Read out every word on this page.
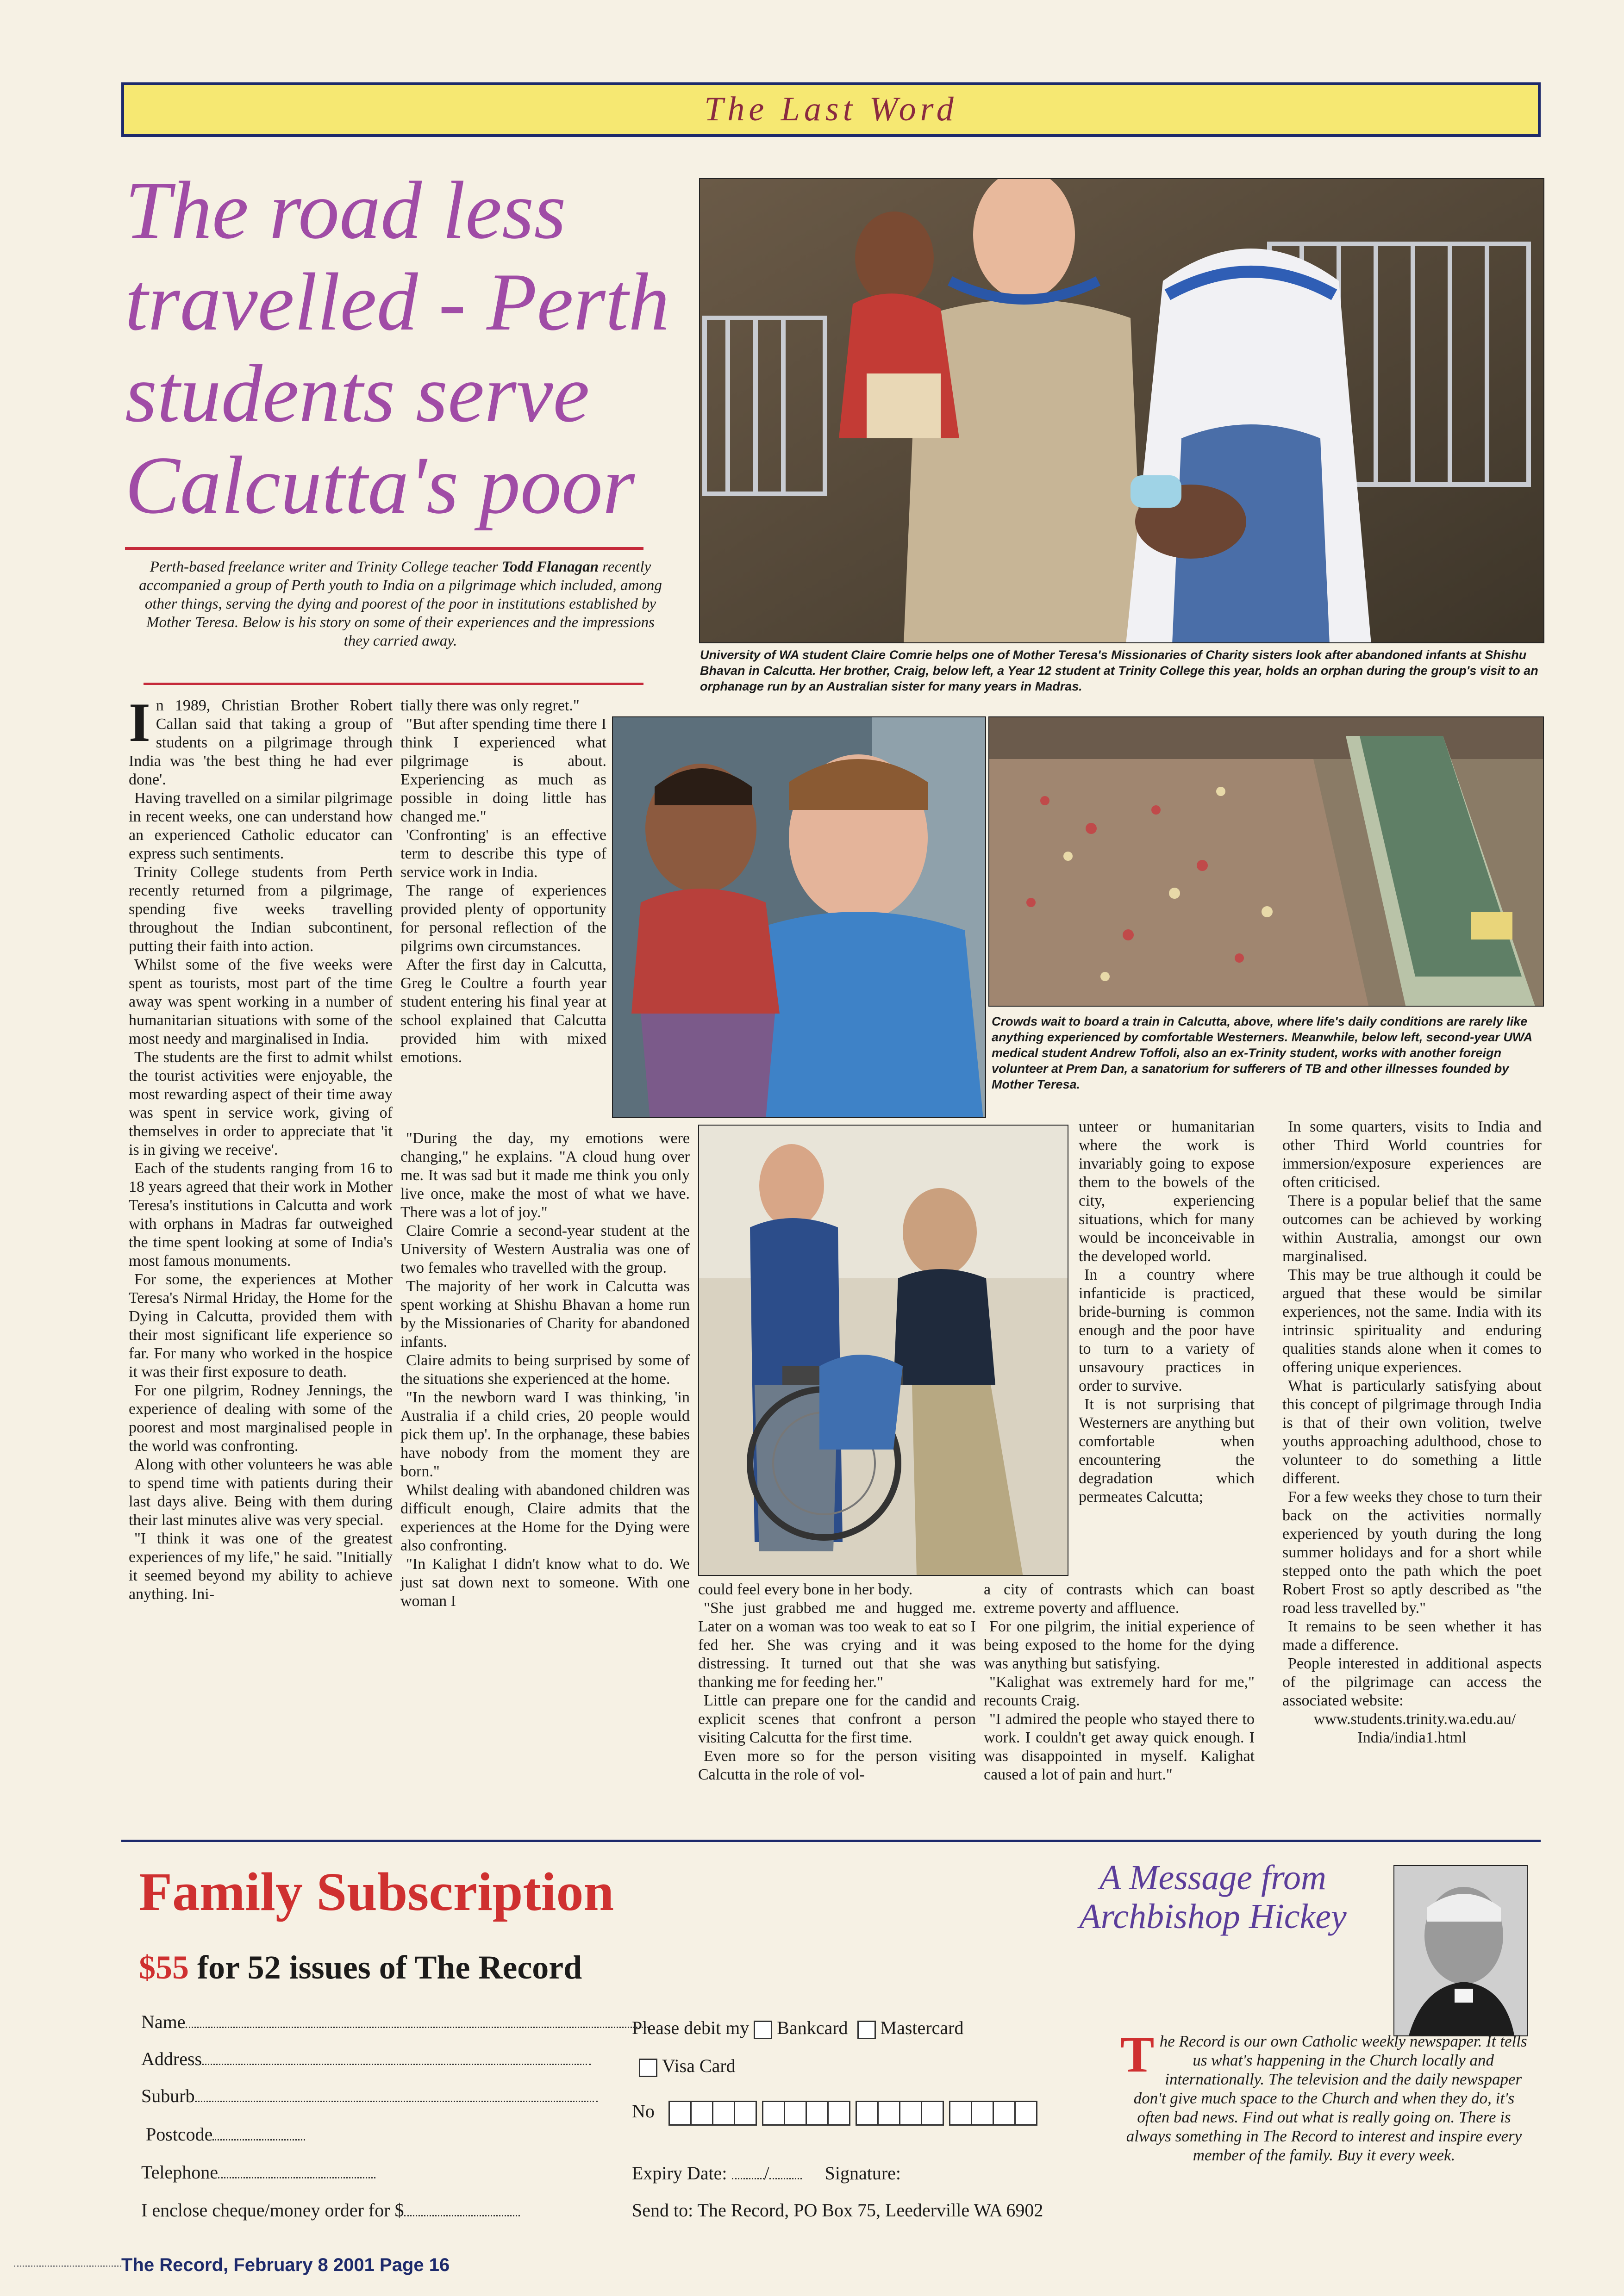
The Last Word
The road less travelled - Perth students serve Calcutta's poor
Perth-based freelance writer and Trinity College teacher Todd Flanagan recently accompanied a group of Perth youth to India on a pilgrimage which included, among other things, serving the dying and poorest of the poor in institutions established by Mother Teresa. Below is his story on some of their experiences and the impressions they carried away.
University of WA student Claire Comrie helps one of Mother Teresa's Missionaries of Charity sisters look after abandoned infants at Shishu Bhavan in Calcutta. Her brother, Craig, below left, a Year 12 student at Trinity College this year, holds an orphan during the group's visit to an orphanage run by an Australian sister for many years in Madras.
Crowds wait to board a train in Calcutta, above, where life's daily conditions are rarely like anything experienced by comfortable Westerners. Meanwhile, below left, second-year UWA medical student Andrew Toffoli, also an ex-Trinity student, works with another foreign volunteer at Prem Dan, a sanatorium for sufferers of TB and other illnesses founded by Mother Teresa.

In 1989, Christian Brother Robert Callan said that taking a group of students on a pilgrimage through India was 'the best thing he had ever done'.

Having travelled on a similar pilgrimage in recent weeks, one can understand how an experienced Catholic educator can express such sentiments.

Trinity College students from Perth recently returned from a pilgrimage, spending five weeks travelling throughout the Indian subcontinent, putting their faith into action.

Whilst some of the five weeks were spent as tourists, most part of the time away was spent working in a number of humanitarian situations with some of the most needy and marginalised in India.

The students are the first to admit whilst the tourist activities were enjoyable, the most rewarding aspect of their time away was spent in service work, giving of themselves in order to appreciate that 'it is in giving we receive'.

Each of the students ranging from 16 to 18 years agreed that their work in Mother Teresa's institutions in Calcutta and work with orphans in Madras far outweighed the time spent looking at some of India's most famous monuments.

For some, the experiences at Mother Teresa's Nirmal Hriday, the Home for the Dying in Calcutta, provided them with their most significant life experience so far. For many who worked in the hospice it was their first exposure to death.

For one pilgrim, Rodney Jennings, the experience of dealing with some of the poorest and most marginalised people in the world was confronting.

Along with other volunteers he was able to spend time with patients during their last days alive. Being with them during their last minutes alive was very special.

"I think it was one of the greatest experiences of my life," he said. "Initially it seemed beyond my ability to achieve anything. Ini-

tially there was only regret."

"But after spending time there I think I experienced what pilgrimage is about. Experiencing as much as possible in doing little has changed me."

'Confronting' is an effective term to describe this type of service work in India.

The range of experiences provided plenty of opportunity for personal reflection of the pilgrims own circumstances.

After the first day in Calcutta, Greg le Coultre a fourth year student entering his final year at school explained that Calcutta provided him with mixed emotions.

"During the day, my emotions were changing," he explains. "A cloud hung over me. It was sad but it made me think you only live once, make the most of what we have. There was a lot of joy."

Claire Comrie a second-year student at the University of Western Australia was one of two females who travelled with the group.

The majority of her work in Calcutta was spent working at Shishu Bhavan a home run by the Missionaries of Charity for abandoned infants.

Claire admits to being surprised by some of the situations she experienced at the home.

"In the newborn ward I was thinking, 'in Australia if a child cries, 20 people would pick them up'. In the orphanage, these babies have nobody from the moment they are born."

Whilst dealing with abandoned children was difficult enough, Claire admits that the experiences at the Home for the Dying were also confronting.

"In Kalighat I didn't know what to do. We just sat down next to someone. With one woman I

could feel every bone in her body.

"She just grabbed me and hugged me. Later on a woman was too weak to eat so I fed her. She was crying and it was distressing. It turned out that she was thanking me for feeding her."

Little can prepare one for the candid and explicit scenes that confront a person visiting Calcutta for the first time.

Even more so for the person visiting Calcutta in the role of vol-

unteer or humanitarian where the work is invariably going to expose them to the bowels of the city, experiencing situations, which for many would be inconceivable in the developed world.

In a country where infanticide is practiced, bride-burning is common enough and the poor have to turn to a variety of unsavoury practices in order to survive.

It is not surprising that Westerners are anything but comfortable when encountering the degradation which permeates Calcutta;

a city of contrasts which can boast extreme poverty and affluence.

For one pilgrim, the initial experience of being exposed to the home for the dying was anything but satisfying.

"Kalighat was extremely hard for me," recounts Craig.

"I admired the people who stayed there to work. I couldn't get away quick enough. I was disappointed in myself. Kalighat caused a lot of pain and hurt."

In some quarters, visits to India and other Third World countries for immersion/exposure experiences are often criticised.

There is a popular belief that the same outcomes can be achieved by working within Australia, amongst our own marginalised.

This may be true although it could be argued that these would be similar experiences, not the same. India with its intrinsic spirituality and enduring qualities stands alone when it comes to offering unique experiences.

What is particularly satisfying about this concept of pilgrimage through India is that of their own volition, twelve youths approaching adulthood, chose to volunteer to do something a little different.

For a few weeks they chose to turn their back on the activities normally experienced by youth during the long summer holidays and for a short while stepped onto the path which the poet Robert Frost so aptly described as "the road less travelled by."

It remains to be seen whether it has made a difference.

People interested in additional aspects of the pilgrimage can access the associated website:

www.students.trinity.wa.edu.au/ India/india1.html

Family Subscription
$55 for 52 issues of The Record
Name
Address
Suburb
Postcode
Telephone
I enclose cheque/money order for $
Please debit my Bankcard Mastercard
Visa Card
No
Expiry Date: /	Signature:
Send to: The Record, PO Box 75, Leederville WA 6902
A Message from Archbishop Hickey
The Record is our own Catholic weekly newspaper. It tells us what's happening in the Church locally and internationally. The television and the daily newspaper don't give much space to the Church and when they do, it's often bad news. Find out what is really going on. There is always something in The Record to interest and inspire every member of the family. Buy it every week.
The Record, February 8 2001 Page 16
